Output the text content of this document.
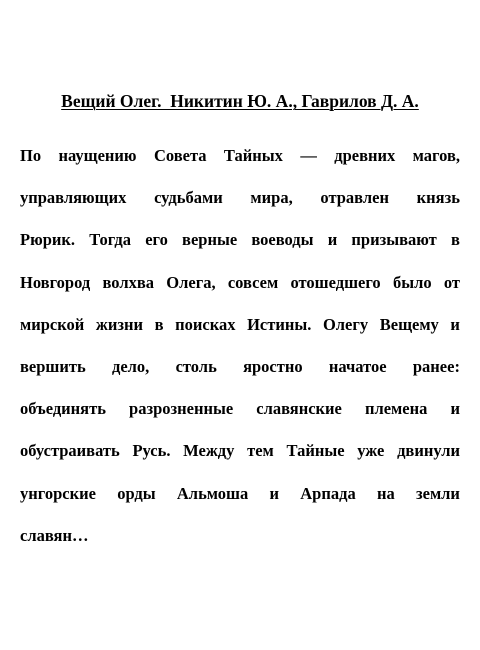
Вещий Олег.  Никитин Ю. А., Гаврилов Д. А.
По наущению Совета Тайных — древних магов,
управляющих судьбами мира, отравлен князь
Рюрик. Тогда его верные воеводы и призывают в
Новгород волхва Олега, совсем отошедшего было от
мирской жизни в поисках Истины. Олегу Вещему и
вершить дело, столь яростно начатое ранее:
объединять разрозненные славянские племена и
обустраивать Русь. Между тем Тайные уже двинули
унгорские орды Альмоша и Арпада на земли
славян…
